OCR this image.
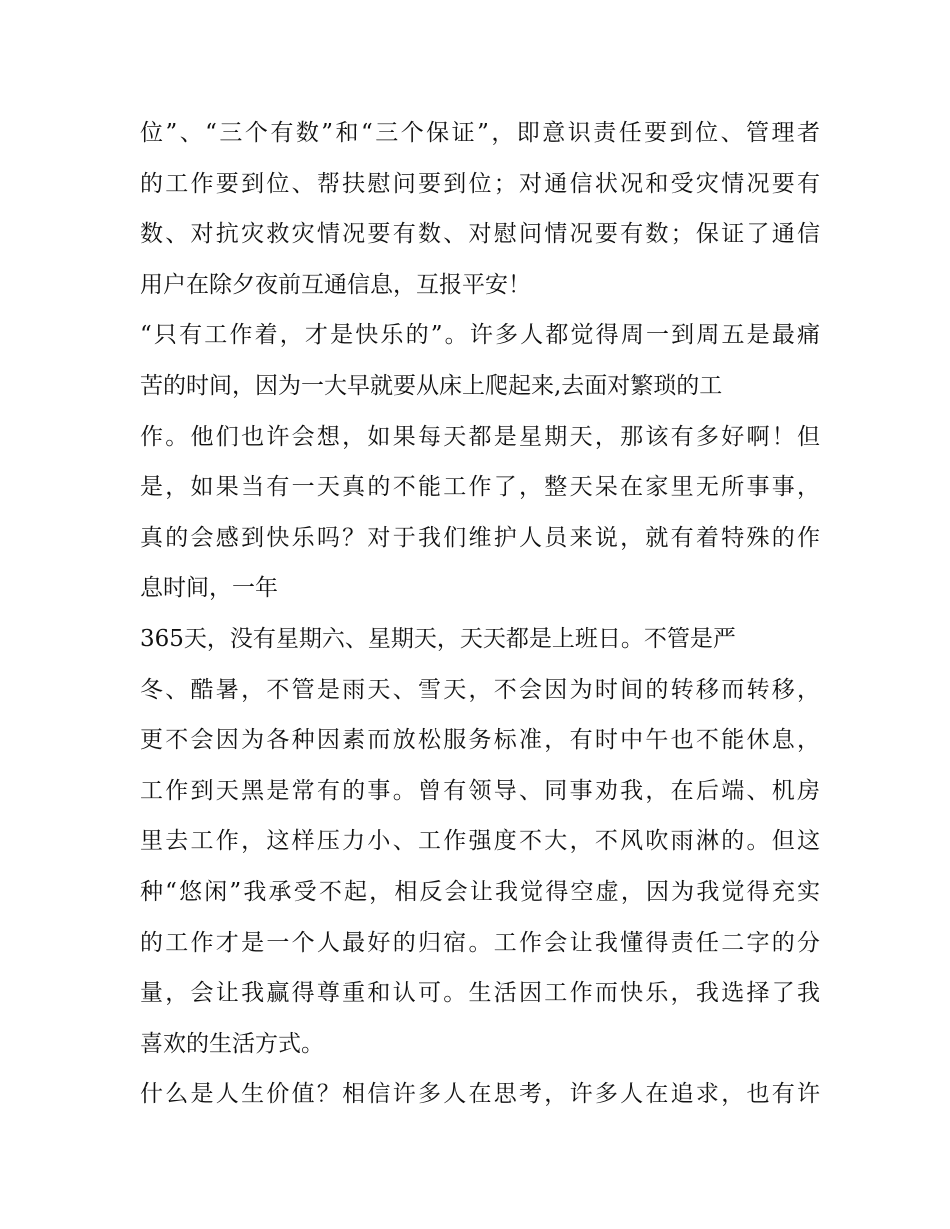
位”、“三个有数”和“三个保证”，即意识责任要到位、管理者
的工作要到位、帮扶慰问要到位；对通信状况和受灾情况要有
数、对抗灾救灾情况要有数、对慰问情况要有数；保证了通信
用户在除夕夜前互通信息，互报平安！
“只有工作着，才是快乐的”。许多人都觉得周一到周五是最痛
苦的时间，因为一大早就要从床上爬起来,去面对繁琐的工
作。他们也许会想，如果每天都是星期天，那该有多好啊！但
是，如果当有一天真的不能工作了，整天呆在家里无所事事，
真的会感到快乐吗？对于我们维护人员来说，就有着特殊的作
息时间，一年
365天，没有星期六、星期天，天天都是上班日。不管是严
冬、酷暑，不管是雨天、雪天，不会因为时间的转移而转移，
更不会因为各种因素而放松服务标准，有时中午也不能休息，
工作到天黑是常有的事。曾有领导、同事劝我，在后端、机房
里去工作，这样压力小、工作强度不大，不风吹雨淋的。但这
种“悠闲”我承受不起，相反会让我觉得空虚，因为我觉得充实
的工作才是一个人最好的归宿。工作会让我懂得责任二字的分
量，会让我赢得尊重和认可。生活因工作而快乐，我选择了我
喜欢的生活方式。
什么是人生价值？相信许多人在思考，许多人在追求，也有许
